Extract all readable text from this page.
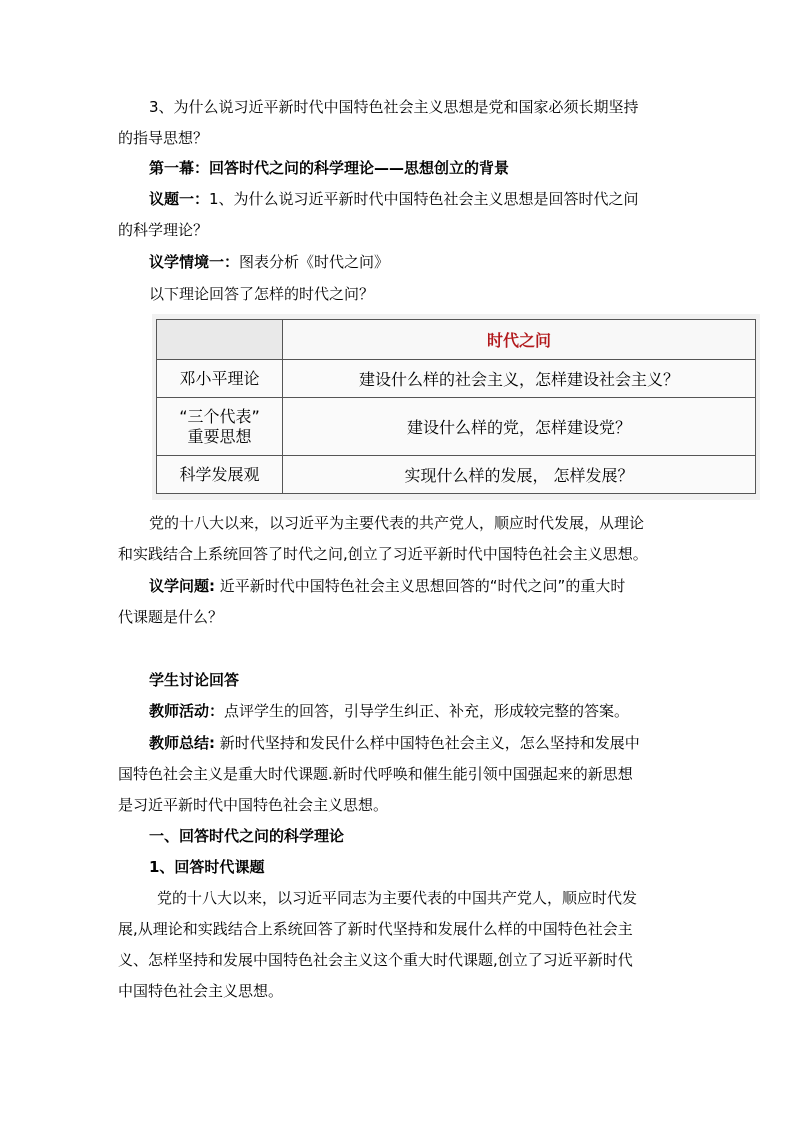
3、为什么说习近平新时代中国特色社会主义思想是党和国家必须长期坚持
的指导思想？
第一幕：回答时代之问的科学理论——思想创立的背景
议题一：1、为什么说习近平新时代中国特色社会主义思想是回答时代之问
的科学理论？
议学情境一：图表分析《时代之问》
以下理论回答了怎样的时代之问？
	时代之问
邓小平理论	建设什么样的社会主义，怎样建设社会主义？
“三个代表”
重要思想	建设什么样的党，怎样建设党？
科学发展观	实现什么样的发展， 怎样发展？
党的十八大以来，以习近平为主要代表的共产党人，顺应时代发展，从理论
和实践结合上系统回答了时代之问,创立了习近平新时代中国特色社会主义思想。
议学问题: 近平新时代中国特色社会主义思想回答的“时代之问”的重大时
代课题是什么？
学生讨论回答
教师活动：点评学生的回答，引导学生纠正、补充，形成较完整的答案。
教师总结: 新时代坚持和发民什么样中国特色社会主义，怎么坚持和发展中
国特色社会主义是重大时代课题.新时代呼唤和催生能引领中国强起来的新思想
是习近平新时代中国特色社会主义思想。
一、回答时代之问的科学理论
1、回答时代课题
党的十八大以来，以习近平同志为主要代表的中国共产党人，顺应时代发
展,从理论和实践结合上系统回答了新时代坚持和发展什么样的中国特色社会主
义、怎样坚持和发展中国特色社会主义这个重大时代课题,创立了习近平新时代
中国特色社会主义思想。
